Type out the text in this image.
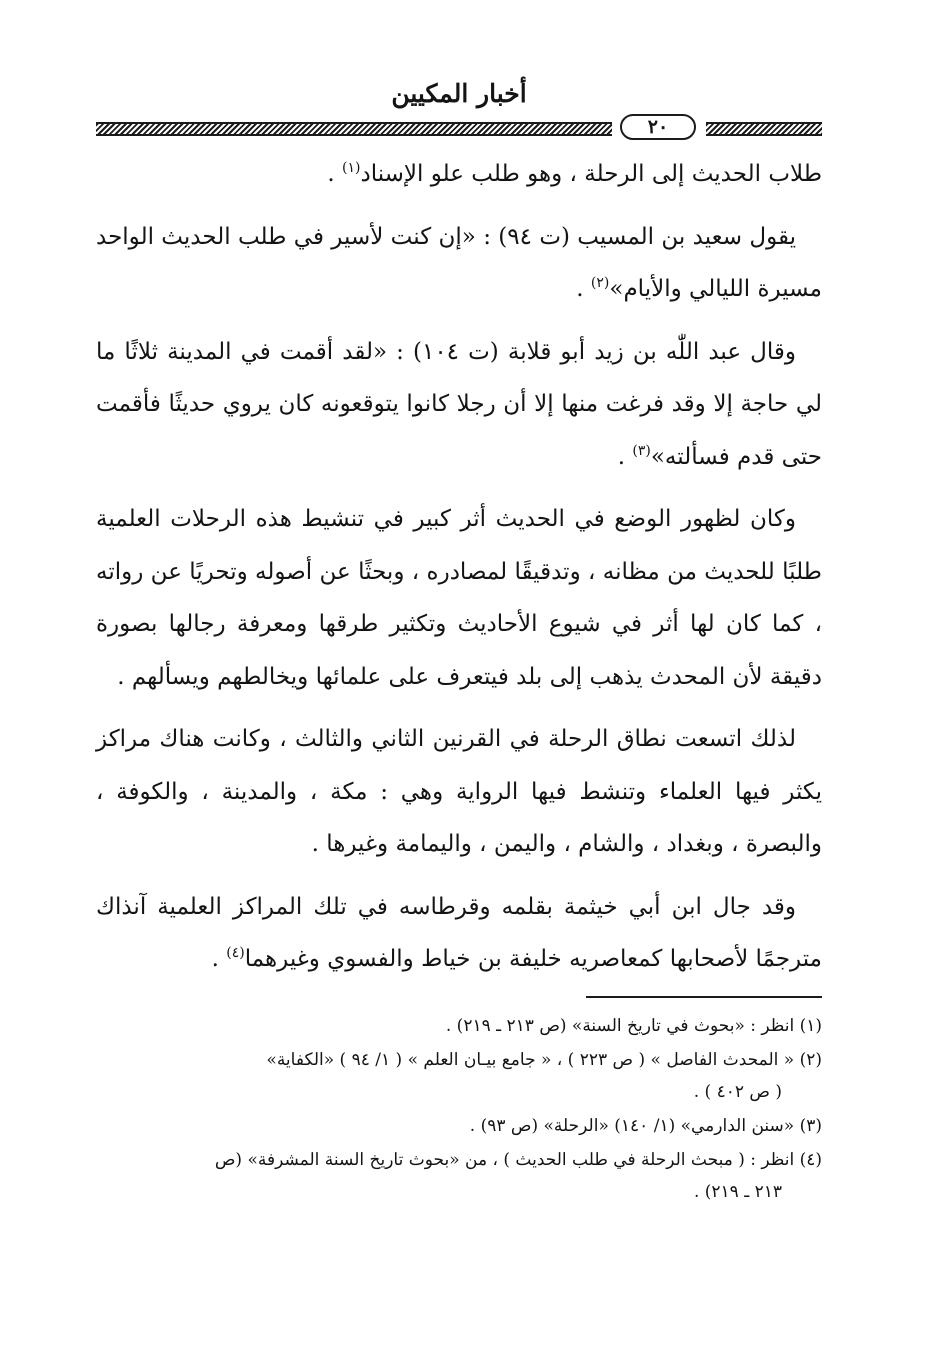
أخبار المكيين
٢٠

طلاب الحديث إلى الرحلة ، وهو طلب علو الإسناد$^{(١)}$ .

يقول سعيد بن المسيب (ت ٩٤) : «إن كنت لأسير في طلب الحديث الواحد مسيرة الليالي والأيام»$^{(٢)}$ .

وقال عبد اللّٰه بن زيد أبو قلابة (ت ١٠٤) : «لقد أقمت في المدينة ثلاثًا ما لي حاجة إلا وقد فرغت منها إلا أن رجلا كانوا يتوقعونه كان يروي حديثًا فأقمت حتى قدم فسألته»$^{(٣)}$ .

وكان لظهور الوضع في الحديث أثر كبير في تنشيط هذه الرحلات العلمية طلبًا للحديث من مظانه ، وتدقيقًا لمصادره ، وبحثًا عن أصوله وتحريًا عن رواته ، كما كان لها أثر في شيوع الأحاديث وتكثير طرقها ومعرفة رجالها بصورة دقيقة لأن المحدث يذهب إلى بلد فيتعرف على علمائها ويخالطهم ويسألهم .

لذلك اتسعت نطاق الرحلة في القرنين الثاني والثالث ، وكانت هناك مراكز يكثر فيها العلماء وتنشط فيها الرواية وهي : مكة ، والمدينة ، والكوفة ، والبصرة ، وبغداد ، والشام ، واليمن ، واليمامة وغيرها .

وقد جال ابن أبي خيثمة بقلمه وقرطاسه في تلك المراكز العلمية آنذاك مترجمًا لأصحابها كمعاصريه خليفة بن خياط والفسوي وغيرهما$^{(٤)}$ .

(١) انظر : «بحوث في تاريخ السنة» (ص ٢١٣ ـ ٢١٩) .
(٢) « المحدث الفاصل » ( ص ٢٢٣ ) ، « جامع بيـان العلم » ( ١/ ٩٤ ) «الكفاية»
( ص ٤٠٢ ) .
(٣) «سنن الدارمي» (١/ ١٤٠) «الرحلة» (ص ٩٣) .
(٤) انظر : ( مبحث الرحلة في طلب الحديث ) ، من «بحوث تاريخ السنة المشرفة» (ص
٢١٣ ـ ٢١٩) .
